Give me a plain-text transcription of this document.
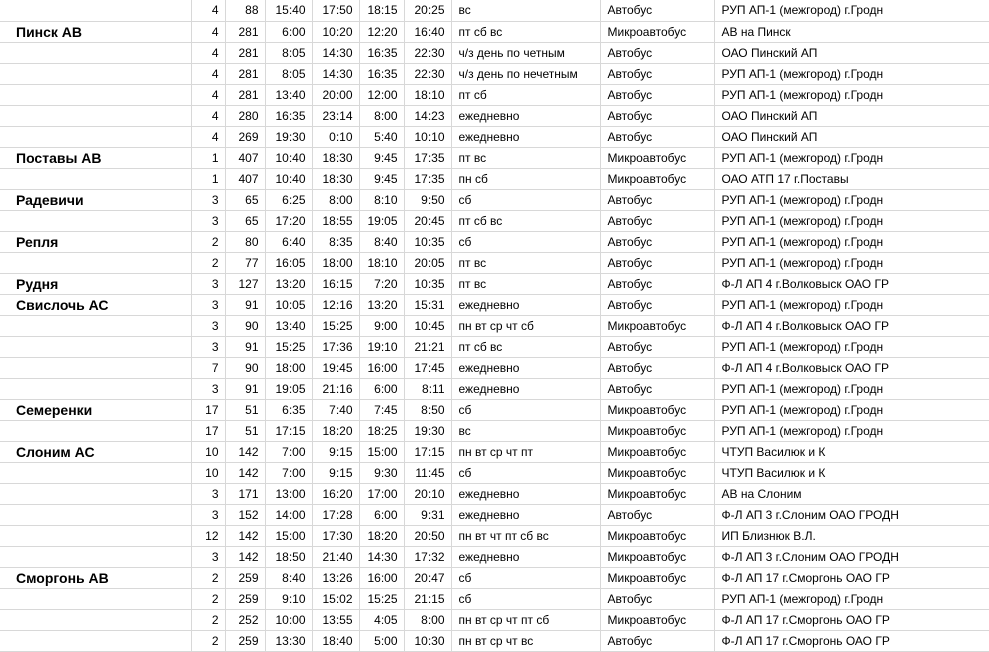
	4	88	15:40	17:50	18:15	20:25	вс	Автобус	РУП АП-1 (межгород) г.Гродн
Пинск АВ	4	281	6:00	10:20	12:20	16:40	пт сб вс	Микроавтобус	АВ на Пинск
	4	281	8:05	14:30	16:35	22:30	ч/з день по четным	Автобус	ОАО Пинский АП
	4	281	8:05	14:30	16:35	22:30	ч/з день по нечетным	Автобус	РУП АП-1 (межгород) г.Гродн
	4	281	13:40	20:00	12:00	18:10	пт сб	Автобус	РУП АП-1 (межгород) г.Гродн
	4	280	16:35	23:14	8:00	14:23	ежедневно	Автобус	ОАО Пинский АП
	4	269	19:30	0:10	5:40	10:10	ежедневно	Автобус	ОАО Пинский АП
Поставы АВ	1	407	10:40	18:30	9:45	17:35	пт вс	Микроавтобус	РУП АП-1 (межгород) г.Гродн
	1	407	10:40	18:30	9:45	17:35	пн сб	Микроавтобус	ОАО АТП 17 г.Поставы
Радевичи	3	65	6:25	8:00	8:10	9:50	сб	Автобус	РУП АП-1 (межгород) г.Гродн
	3	65	17:20	18:55	19:05	20:45	пт сб вс	Автобус	РУП АП-1 (межгород) г.Гродн
Репля	2	80	6:40	8:35	8:40	10:35	сб	Автобус	РУП АП-1 (межгород) г.Гродн
	2	77	16:05	18:00	18:10	20:05	пт вс	Автобус	РУП АП-1 (межгород) г.Гродн
Рудня	3	127	13:20	16:15	7:20	10:35	пт вс	Автобус	Ф-Л АП 4 г.Волковыск ОАО ГР
Свислочь АС	3	91	10:05	12:16	13:20	15:31	ежедневно	Автобус	РУП АП-1 (межгород) г.Гродн
	3	90	13:40	15:25	9:00	10:45	пн вт ср чт сб	Микроавтобус	Ф-Л АП 4 г.Волковыск ОАО ГР
	3	91	15:25	17:36	19:10	21:21	пт сб вс	Автобус	РУП АП-1 (межгород) г.Гродн
	7	90	18:00	19:45	16:00	17:45	ежедневно	Автобус	Ф-Л АП 4 г.Волковыск ОАО ГР
	3	91	19:05	21:16	6:00	8:11	ежедневно	Автобус	РУП АП-1 (межгород) г.Гродн
Семеренки	17	51	6:35	7:40	7:45	8:50	сб	Микроавтобус	РУП АП-1 (межгород) г.Гродн
	17	51	17:15	18:20	18:25	19:30	вс	Микроавтобус	РУП АП-1 (межгород) г.Гродн
Слоним АС	10	142	7:00	9:15	15:00	17:15	пн вт ср чт пт	Микроавтобус	ЧТУП Василюк и К
	10	142	7:00	9:15	9:30	11:45	сб	Микроавтобус	ЧТУП Василюк и К
	3	171	13:00	16:20	17:00	20:10	ежедневно	Микроавтобус	АВ на Слоним
	3	152	14:00	17:28	6:00	9:31	ежедневно	Автобус	Ф-Л АП 3 г.Слоним ОАО ГРОДН
	12	142	15:00	17:30	18:20	20:50	пн вт чт пт сб вс	Микроавтобус	ИП Близнюк В.Л.
	3	142	18:50	21:40	14:30	17:32	ежедневно	Микроавтобус	Ф-Л АП 3 г.Слоним ОАО ГРОДН
Сморгонь АВ	2	259	8:40	13:26	16:00	20:47	сб	Микроавтобус	Ф-Л АП 17 г.Сморгонь ОАО ГР
	2	259	9:10	15:02	15:25	21:15	сб	Автобус	РУП АП-1 (межгород) г.Гродн
	2	252	10:00	13:55	4:05	8:00	пн вт ср чт пт сб	Микроавтобус	Ф-Л АП 17 г.Сморгонь ОАО ГР
	2	259	13:30	18:40	5:00	10:30	пн вт ср чт вс	Автобус	Ф-Л АП 17 г.Сморгонь ОАО ГР
